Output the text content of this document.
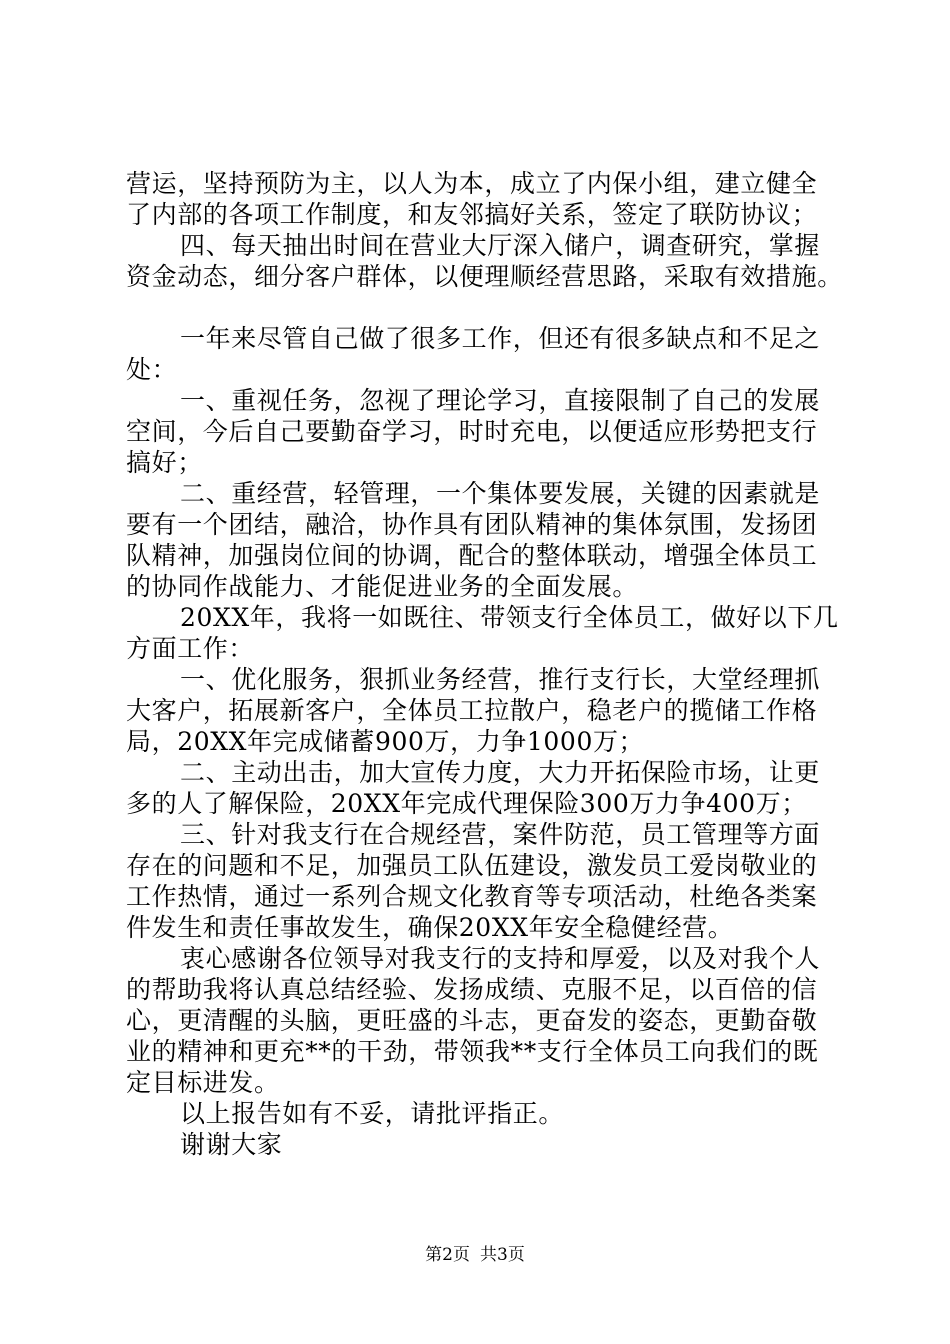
营运，坚持预防为主，以人为本，成立了内保小组，建立健全
了内部的各项工作制度，和友邻搞好关系，签定了联防协议；
四、每天抽出时间在营业大厅深入储户，调查研究，掌握
资金动态，细分客户群体，以便理顺经营思路，采取有效措施。
一年来尽管自己做了很多工作，但还有很多缺点和不足之
处：
一、重视任务，忽视了理论学习，直接限制了自己的发展
空间，今后自己要勤奋学习，时时充电，以便适应形势把支行
搞好；
二、重经营，轻管理，一个集体要发展，关键的因素就是
要有一个团结，融洽，协作具有团队精神的集体氛围，发扬团
队精神，加强岗位间的协调，配合的整体联动，增强全体员工
的协同作战能力、才能促进业务的全面发展。
20XX年，我将一如既往、带领支行全体员工，做好以下几
方面工作：
一、优化服务，狠抓业务经营，推行支行长，大堂经理抓
大客户，拓展新客户，全体员工拉散户，稳老户的揽储工作格
局，20XX年完成储蓄900万，力争1000万；
二、主动出击，加大宣传力度，大力开拓保险市场，让更
多的人了解保险，20XX年完成代理保险300万力争400万；
三、针对我支行在合规经营，案件防范，员工管理等方面
存在的问题和不足，加强员工队伍建设，激发员工爱岗敬业的
工作热情，通过一系列合规文化教育等专项活动，杜绝各类案
件发生和责任事故发生，确保20XX年安全稳健经营。
衷心感谢各位领导对我支行的支持和厚爱，以及对我个人
的帮助我将认真总结经验、发扬成绩、克服不足，以百倍的信
心，更清醒的头脑，更旺盛的斗志，更奋发的姿态，更勤奋敬
业的精神和更充**的干劲，带领我**支行全体员工向我们的既
定目标进发。
以上报告如有不妥，请批评指正。
谢谢大家
第2页 共3页
